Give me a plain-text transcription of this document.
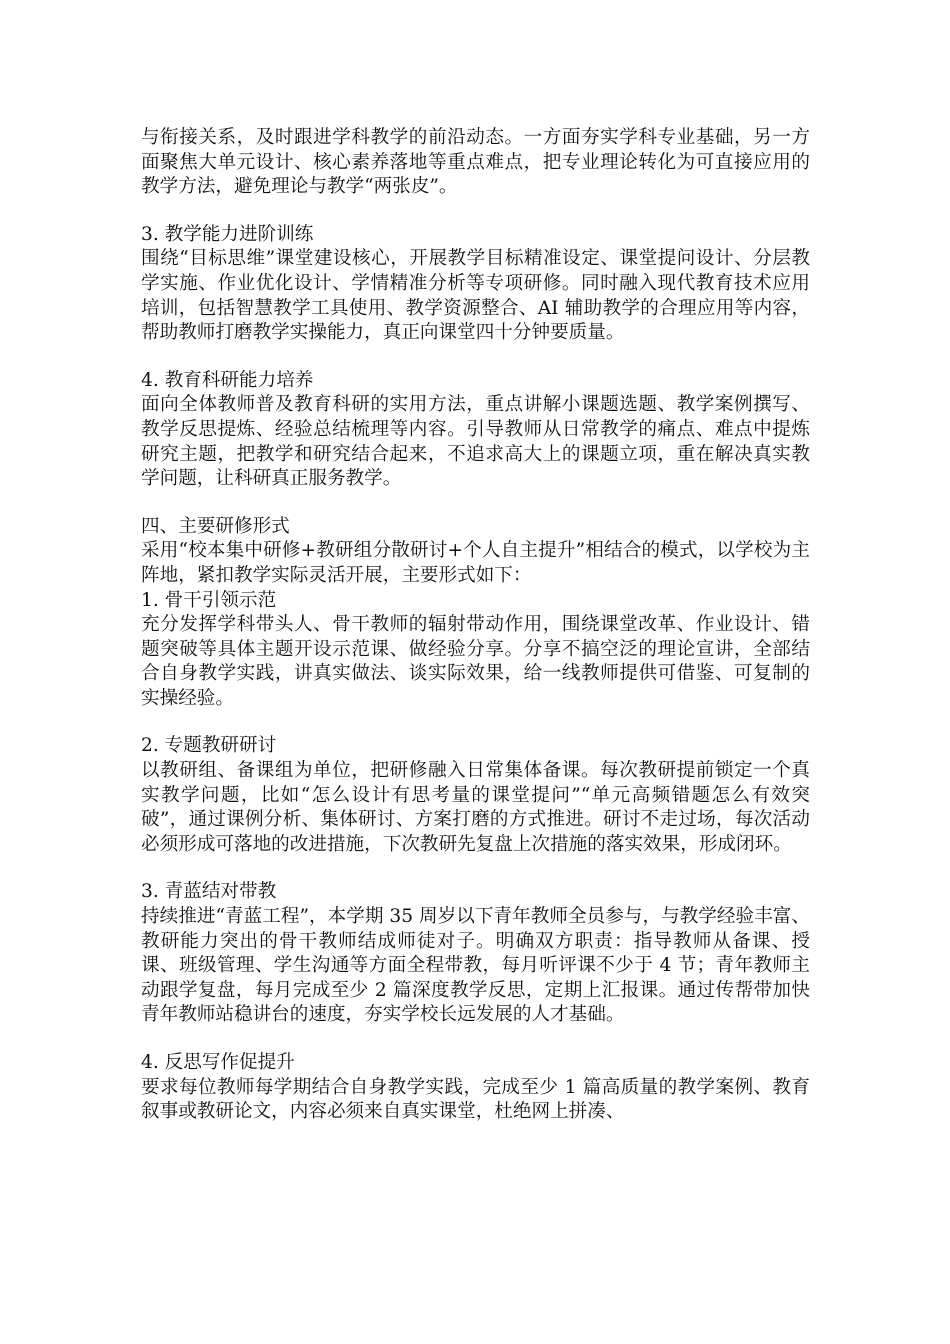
与衔接关系，及时跟进学科教学的前沿动态。一方面夯实学科专业基础，另一方面聚焦大单元设计、核心素养落地等重点难点，把专业理论转化为可直接应用的教学方法，避免理论与教学“两张皮”。

3. 教学能力进阶训练

围绕“目标思维”课堂建设核心，开展教学目标精准设定、课堂提问设计、分层教学实施、作业优化设计、学情精准分析等专项研修。同时融入现代教育技术应用培训，包括智慧教学工具使用、教学资源整合、AI 辅助教学的合理应用等内容，帮助教师打磨教学实操能力，真正向课堂四十分钟要质量。

4. 教育科研能力培养

面向全体教师普及教育科研的实用方法，重点讲解小课题选题、教学案例撰写、教学反思提炼、经验总结梳理等内容。引导教师从日常教学的痛点、难点中提炼研究主题，把教学和研究结合起来，不追求高大上的课题立项，重在解决真实教学问题，让科研真正服务教学。

四、主要研修形式

采用“校本集中研修+教研组分散研讨+个人自主提升”相结合的模式，以学校为主阵地，紧扣教学实际灵活开展，主要形式如下：

1. 骨干引领示范

充分发挥学科带头人、骨干教师的辐射带动作用，围绕课堂改革、作业设计、错题突破等具体主题开设示范课、做经验分享。分享不搞空泛的理论宣讲，全部结合自身教学实践，讲真实做法、谈实际效果，给一线教师提供可借鉴、可复制的实操经验。

2. 专题教研研讨

以教研组、备课组为单位，把研修融入日常集体备课。每次教研提前锁定一个真实教学问题，比如“怎么设计有思考量的课堂提问”“单元高频错题怎么有效突破”，通过课例分析、集体研讨、方案打磨的方式推进。研讨不走过场，每次活动必须形成可落地的改进措施，下次教研先复盘上次措施的落实效果，形成闭环。

3. 青蓝结对带教

持续推进“青蓝工程”，本学期 35 周岁以下青年教师全员参与，与教学经验丰富、教研能力突出的骨干教师结成师徒对子。明确双方职责：指导教师从备课、授课、班级管理、学生沟通等方面全程带教，每月听评课不少于 4 节；青年教师主动跟学复盘，每月完成至少 2 篇深度教学反思，定期上汇报课。通过传帮带加快青年教师站稳讲台的速度，夯实学校长远发展的人才基础。

4. 反思写作促提升

要求每位教师每学期结合自身教学实践，完成至少 1 篇高质量的教学案例、教育叙事或教研论文，内容必须来自真实课堂，杜绝网上拼凑、
